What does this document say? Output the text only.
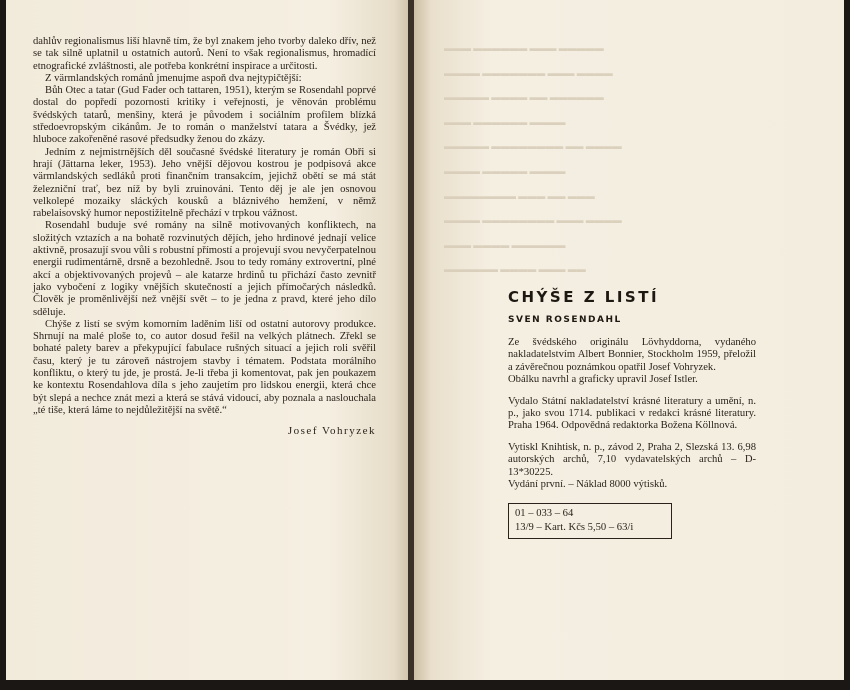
dahlův regionalismus liší hlavně tím, že byl znakem jeho tvorby daleko dřív, než se tak silně uplatnil u ostatních autorů. Není to však regionalismus, hromadící etnografické zvláštnosti, ale potřeba konkrétní inspirace a určitosti.

Z värmlandských románů jmenujme aspoň dva nejtypičtější:

Bůh Otec a tatar (Gud Fader och tattaren, 1951), kterým se Rosendahl poprvé dostal do popředí pozornosti kritiky i veřejnosti, je věnován problému švédských tatarů, menšiny, která je původem i sociálním profilem blízká středoevropským cikánům. Je to román o manželství tatara a Švédky, jež hluboce zakořeněné rasové předsudky ženou do zkázy.

Jedním z nejmistrnějších děl současné švédské literatury je román Obři si hrají (Jättarna leker, 1953). Jeho vnější dějovou kostrou je podpisová akce värmlandských sedláků proti finančním transakcím, jejichž obětí se má stát železniční trať, bez níž by byli zruinováni. Tento děj je ale jen osnovou velkolepé mozaiky sláckých kousků a bláznivého hemžení, v němž rabelaisovský humor nepostižitelně přechází v trpkou vážnost.

Rosendahl buduje své romány na silně motivovaných konfliktech, na složitých vztazích a na bohatě rozvinutých dějích, jeho hrdinové jednají velice aktivně, prosazují svou vůli s robustní přímostí a projevují svou nevyčerpatelnou energii rudimentárně, drsně a bezohledně. Jsou to tedy romány extrovertní, plné akcí a objektivovaných projevů – ale katarze hrdinů tu přichází často zevnitř jako vybočení z logiky vnějších skutečností a jejich přímočarých následků. Člověk je proměnlivější než vnější svět – to je jedna z pravd, které jeho dílo sděluje.

Chýše z listí se svým komorním laděním liší od ostatní autorovy produkce. Shrnují na malé ploše to, co autor dosud řešil na velkých plátnech. Zřekl se bohaté palety barev a překypující fabulace rušných situací a jejich roli svěřil času, který je tu zároveň nástrojem stavby i tématem. Podstata morálního konfliktu, o který tu jde, je prostá. Je-li třeba ji komentovat, pak jen poukazem ke kontextu Rosendahlova díla s jeho zaujetím pro lidskou energii, která chce být slepá a nechce znát mezi a která se stává vidoucí, aby poznala a naslouchala „té tiše, která láme to nejdůležitější na světě.“

Josef Vohryzek
▬▬▬ ▬▬▬▬▬▬ ▬▬▬ ▬▬▬▬▬
▬▬▬▬ ▬▬▬▬▬▬▬ ▬▬▬ ▬▬▬▬
▬▬▬▬▬ ▬▬▬▬ ▬▬ ▬▬▬▬▬▬
▬▬▬ ▬▬▬▬▬▬ ▬▬▬▬
▬▬▬▬▬ ▬▬▬▬▬▬▬▬ ▬▬ ▬▬▬▬
▬▬▬▬ ▬▬▬▬▬ ▬▬▬▬
▬▬▬▬▬▬▬▬ ▬▬▬ ▬▬ ▬▬▬
▬▬▬▬ ▬▬▬▬▬▬▬▬ ▬▬▬ ▬▬▬▬
▬▬▬ ▬▬▬▬ ▬▬▬▬▬▬
▬▬▬▬▬▬ ▬▬▬▬ ▬▬▬ ▬▬
CHÝŠE Z LISTÍ
SVEN ROSENDAHL

Ze švédského originálu Lövhyddorna, vydaného nakladatelstvím Albert Bonnier, Stockholm 1959, přeložil a závěrečnou poznámkou opatřil Josef Vohryzek.

Obálku navrhl a graficky upravil Josef Istler.

Vydalo Státní nakladatelství krásné literatury a umění, n. p., jako svou 1714. publikaci v redakci krásné literatury. Praha 1964. Odpovědná redaktorka Božena Köllnová.

Vytiskl Knihtisk, n. p., závod 2, Praha 2, Slezská 13. 6,98 autorských archů, 7,10 vydavatelských archů – D-13*30225.

Vydání první. – Náklad 8000 výtisků.

01 – 033 – 64
13/9 – Kart. Kčs 5,50 – 63/i
